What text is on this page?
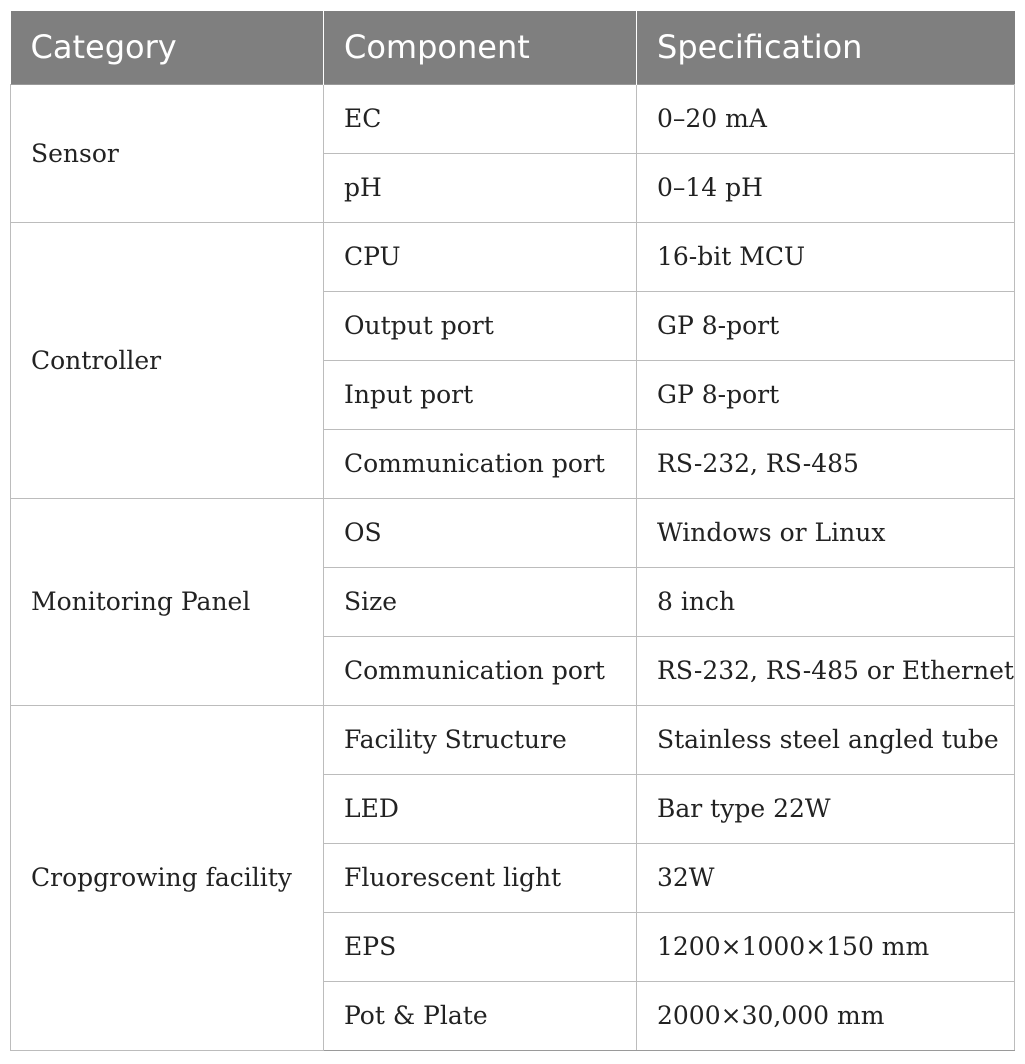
Category	Component	Specification
Sensor	EC	0–20 mA
	pH	0–14 pH
Controller	CPU	16-bit MCU
	Output port	GP 8-port
	Input port	GP 8-port
	Communication port	RS-232, RS-485
Monitoring Panel	OS	Windows or Linux
	Size	8 inch
	Communication port	RS-232, RS-485 or Ethernet
Cropgrowing facility	Facility Structure	Stainless steel angled tube
	LED	Bar type 22W
	Fluorescent light	32W
	EPS	1200×1000×150 mm
	Pot & Plate	2000×30,000 mm
